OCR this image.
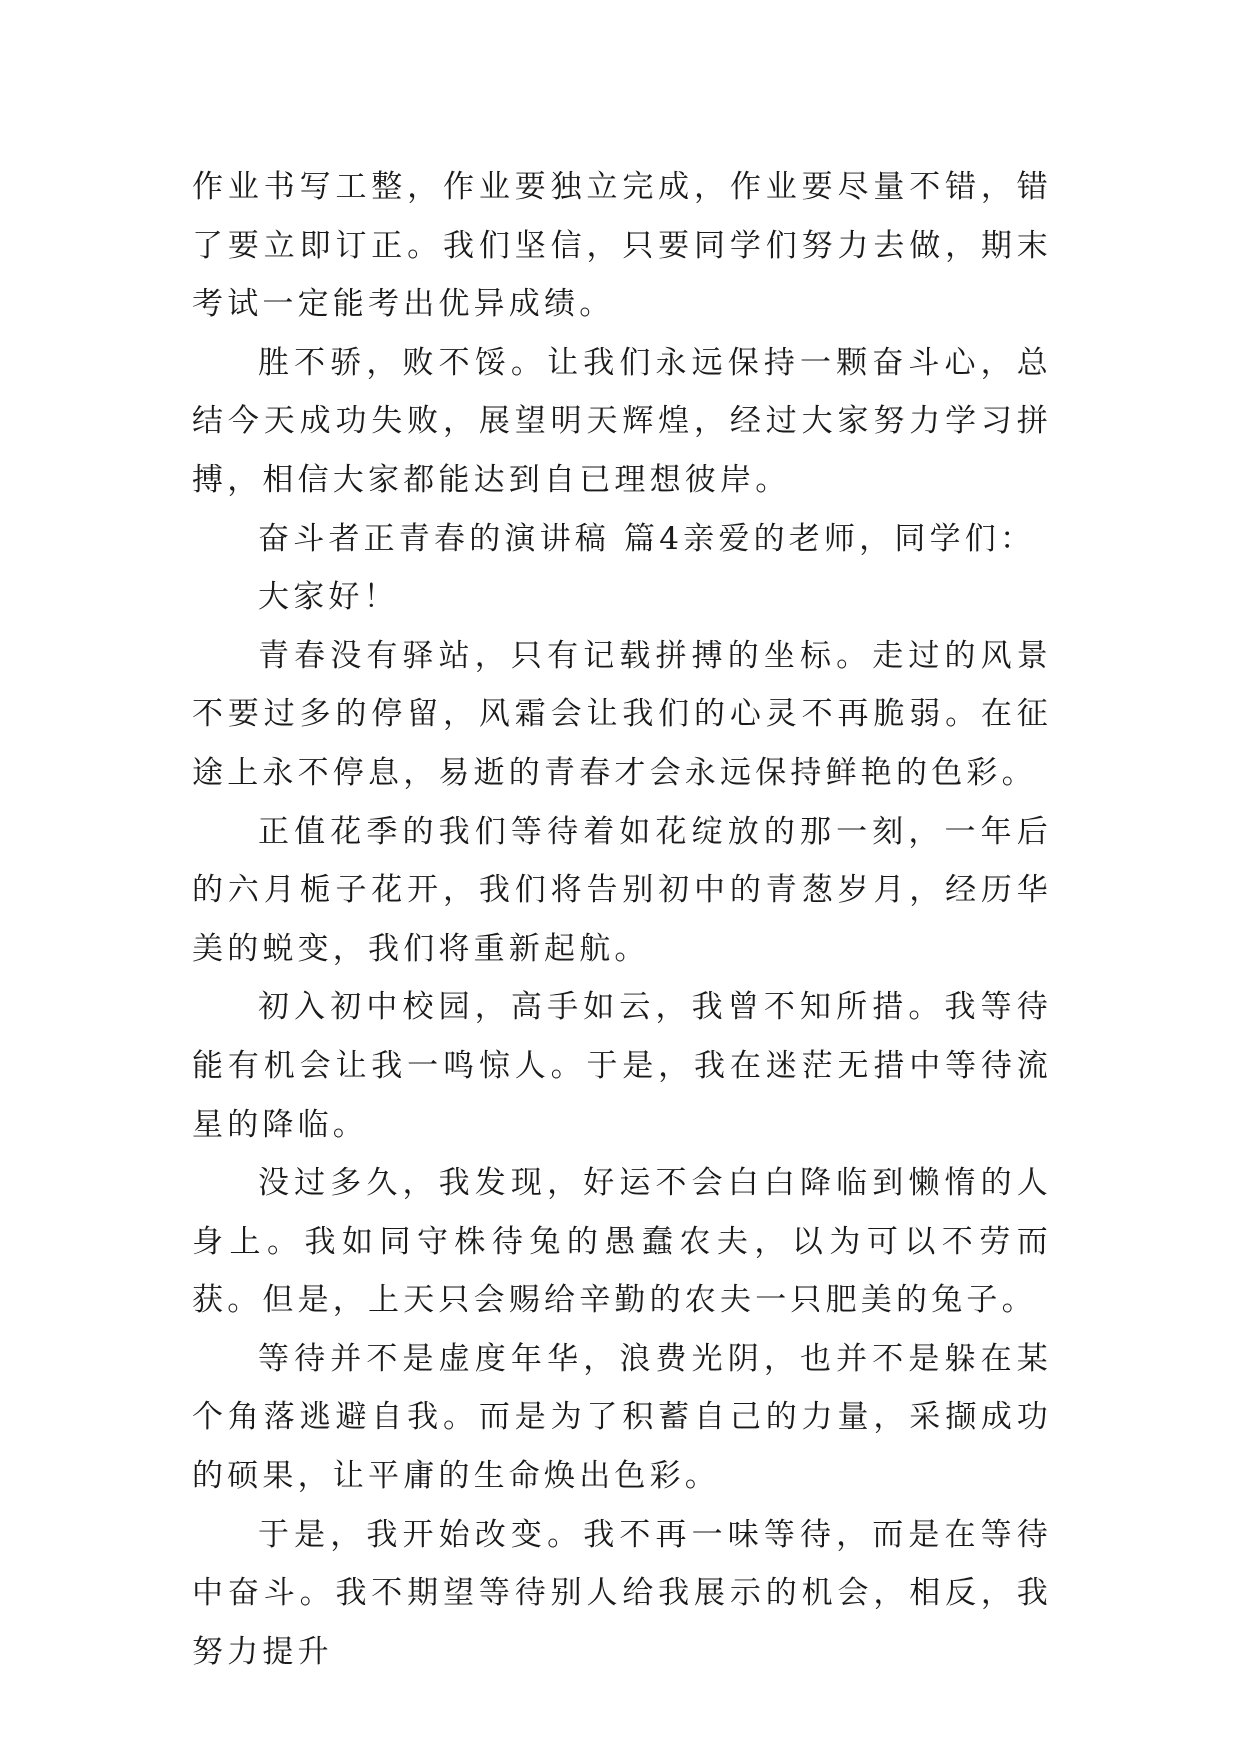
作业书写工整，作业要独立完成，作业要尽量不错，错了要立即订正。我们坚信，只要同学们努力去做，期末考试一定能考出优异成绩。

胜不骄，败不馁。让我们永远保持一颗奋斗心，总结今天成功失败，展望明天辉煌，经过大家努力学习拼搏，相信大家都能达到自已理想彼岸。

奋斗者正青春的演讲稿 篇4亲爱的老师，同学们：

大家好！

青春没有驿站，只有记载拼搏的坐标。走过的风景不要过多的停留，风霜会让我们的心灵不再脆弱。在征途上永不停息，易逝的青春才会永远保持鲜艳的色彩。

正值花季的我们等待着如花绽放的那一刻，一年后的六月栀子花开，我们将告别初中的青葱岁月，经历华美的蜕变，我们将重新起航。

初入初中校园，高手如云，我曾不知所措。我等待能有机会让我一鸣惊人。于是，我在迷茫无措中等待流星的降临。

没过多久，我发现，好运不会白白降临到懒惰的人身上。我如同守株待兔的愚蠢农夫，以为可以不劳而获。但是，上天只会赐给辛勤的农夫一只肥美的兔子。

等待并不是虚度年华，浪费光阴，也并不是躲在某个角落逃避自我。而是为了积蓄自己的力量，采撷成功的硕果，让平庸的生命焕出色彩。

于是，我开始改变。我不再一味等待，而是在等待中奋斗。我不期望等待别人给我展示的机会，相反，我努力提升
